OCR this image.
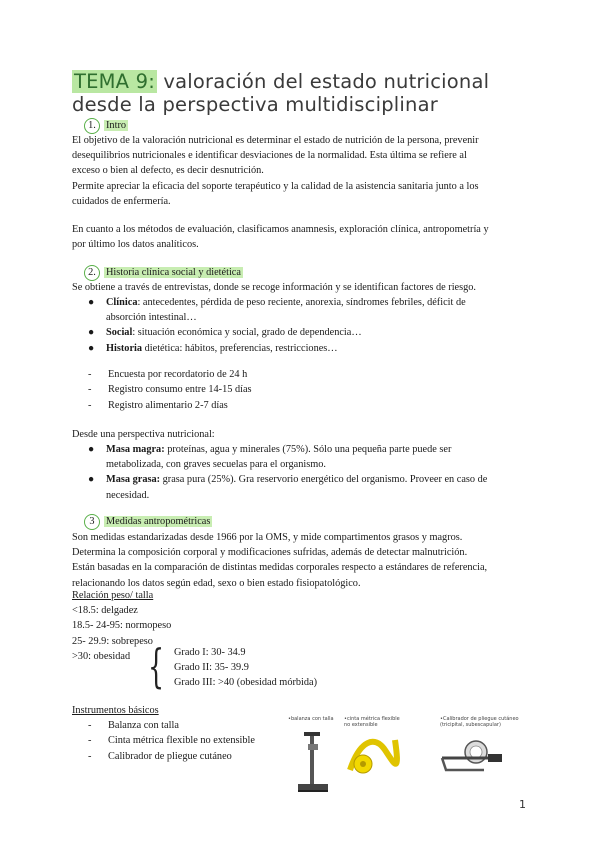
TEMA 9: valoración del estado nutricional
desde la perspectiva multidisciplinar
1. Intro
El objetivo de la valoración nutricional es determinar el estado de nutrición de la persona, prevenir
desequilibrios nutricionales e identificar desviaciones de la normalidad. Esta última se refiere al
exceso o bien al defecto, es decir desnutrición.
Permite apreciar la eficacia del soporte terapéutico y la calidad de la asistencia sanitaria junto a los
cuidados de enfermería.
En cuanto a los métodos de evaluación, clasificamos anamnesis, exploración clínica, antropometría y
por último los datos analíticos.
2. Historia clínica social y dietética
Se obtiene a través de entrevistas, donde se recoge información y se identifican factores de riesgo.
● Clínica: antecedentes, pérdida de peso reciente, anorexia, síndromes febriles, déficit de
absorción intestinal…
● Social: situación económica y social, grado de dependencia…
● Historia dietética: hábitos, preferencias, restricciones…
- Encuesta por recordatorio de 24 h
- Registro consumo entre 14-15 días
- Registro alimentario 2-7 días
Desde una perspectiva nutricional:
● Masa magra: proteínas, agua y minerales (75%). Sólo una pequeña parte puede ser
metabolizada, con graves secuelas para el organismo.
● Masa grasa: grasa pura (25%). Gra reservorio energético del organismo. Proveer en caso de
necesidad.
3 Medidas antropométricas
Son medidas estandarizadas desde 1966 por la OMS, y mide compartimentos grasos y magros.
Determina la composición corporal y modificaciones sufridas, además de detectar malnutrición.
Están basadas en la comparación de distintas medidas corporales respecto a estándares de referencia,
relacionando los datos según edad, sexo o bien estado fisiopatológico.
Relación peso/ talla
<18.5: delgadez
18.5- 24-95: normopeso
25- 29.9: sobrepeso
>30: obesidad { Grado I: 30- 34.9
Grado II: 35- 39.9
Grado III: >40 (obesidad mórbida)
Instrumentos básicos
- Balanza con talla
- Cinta métrica flexible no extensible
- Calibrador de pliegue cutáneo
•balanza con talla •cinta métrica flexible
no extensible
•Calibrador de pliegue cutáneo
(tricipital, subescapular)
1
